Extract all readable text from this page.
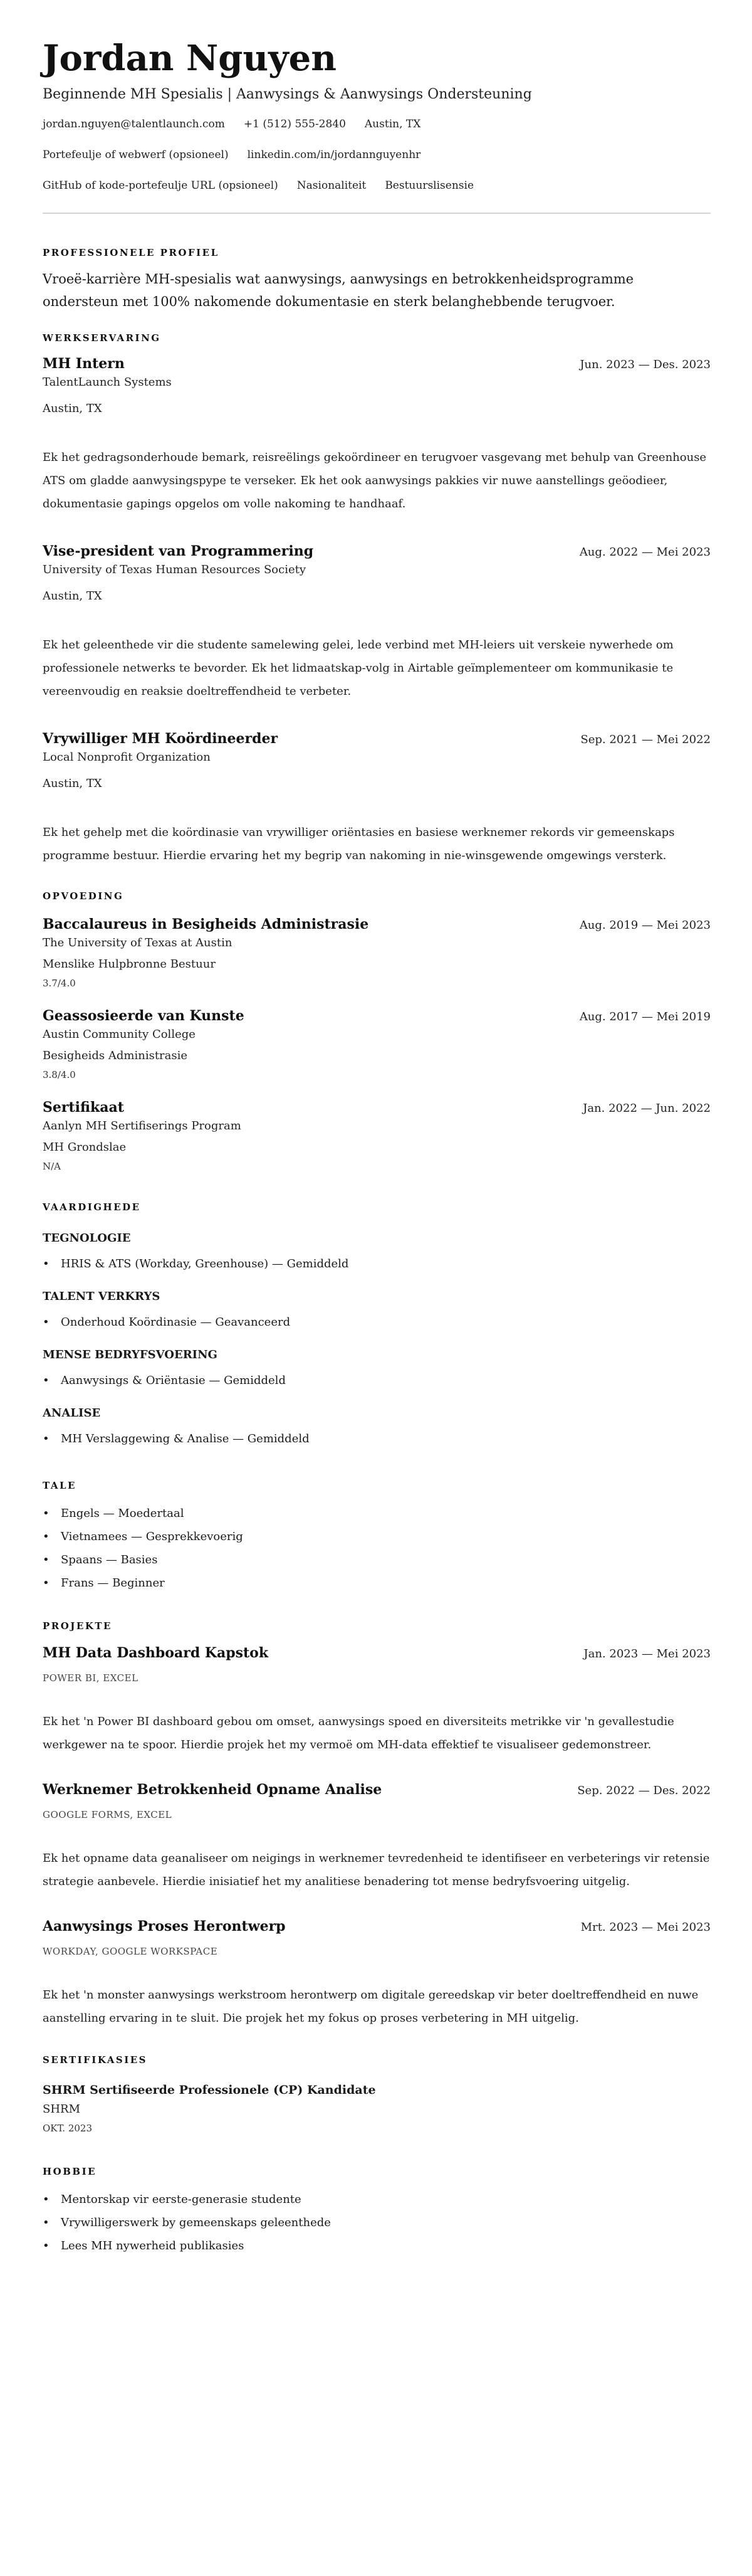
Jordan Nguyen
Beginnende MH Spesialis | Aanwysings & Aanwysings Ondersteuning
jordan.nguyen@talentlaunch.com +1 (512) 555-2840 Austin, TX
Portefeulje of webwerf (opsioneel) linkedin.com/in/jordannguyenhr
GitHub of kode-portefeulje URL (opsioneel) Nasionaliteit Bestuurslisensie
PROFESSIONELE PROFIEL

Vroeë-karrière MH-spesialis wat aanwysings, aanwysings en betrokkenheidsprogramme ondersteun met 100% nakomende dokumentasie en sterk belanghebbende terugvoer.

WERKSERVARING
MH Intern	Jun. 2023 — Des. 2023
TalentLaunch Systems
Austin, TX

Ek het gedragsonderhoude bemark, reisreëlings gekoördineer en terugvoer vasgevang met behulp van Greenhouse ATS om gladde aanwysingspype te verseker. Ek het ook aanwysings pakkies vir nuwe aanstellings geöodieer, dokumentasie gapings opgelos om volle nakoming te handhaaf.

Vise-president van Programmering	Aug. 2022 — Mei 2023
University of Texas Human Resources Society
Austin, TX

Ek het geleenthede vir die studente samelewing gelei, lede verbind met MH-leiers uit verskeie nywerhede om professionele netwerks te bevorder. Ek het lidmaatskap-volg in Airtable geïmplementeer om kommunikasie te vereenvoudig en reaksie doeltreffendheid te verbeter.

Vrywilliger MH Koördineerder	Sep. 2021 — Mei 2022
Local Nonprofit Organization
Austin, TX

Ek het gehelp met die koördinasie van vrywilliger oriëntasies en basiese werknemer rekords vir gemeenskaps programme bestuur. Hierdie ervaring het my begrip van nakoming in nie-winsgewende omgewings versterk.

OPVOEDING
Baccalaureus in Besigheids Administrasie	Aug. 2019 — Mei 2023
The University of Texas at Austin
Menslike Hulpbronne Bestuur
3.7/4.0
Geassosieerde van Kunste	Aug. 2017 — Mei 2019
Austin Community College
Besigheids Administrasie
3.8/4.0
Sertifikaat	Jan. 2022 — Jun. 2022
Aanlyn MH Sertifiserings Program
MH Grondslae
N/A
VAARDIGHEDE
TEGNOLOGIE
• HRIS & ATS (Workday, Greenhouse) — Gemiddeld
TALENT VERKRYS
• Onderhoud Koördinasie — Geavanceerd
MENSE BEDRYFSVOERING
• Aanwysings & Oriëntasie — Gemiddeld
ANALISE
• MH Verslaggewing & Analise — Gemiddeld
TALE
• Engels — Moedertaal
• Vietnamees — Gesprekkevoerig
• Spaans — Basies
• Frans — Beginner
PROJEKTE
MH Data Dashboard Kapstok	Jan. 2023 — Mei 2023
POWER BI, EXCEL

Ek het 'n Power BI dashboard gebou om omset, aanwysings spoed en diversiteits metrikke vir 'n gevallestudie werkgewer na te spoor. Hierdie projek het my vermoë om MH-data effektief te visualiseer gedemonstreer.

Werknemer Betrokkenheid Opname Analise	Sep. 2022 — Des. 2022
GOOGLE FORMS, EXCEL

Ek het opname data geanaliseer om neigings in werknemer tevredenheid te identifiseer en verbeterings vir retensie strategie aanbevele. Hierdie inisiatief het my analitiese benadering tot mense bedryfsvoering uitgelig.

Aanwysings Proses Herontwerp	Mrt. 2023 — Mei 2023
WORKDAY, GOOGLE WORKSPACE

Ek het 'n monster aanwysings werkstroom herontwerp om digitale gereedskap vir beter doeltreffendheid en nuwe aanstelling ervaring in te sluit. Die projek het my fokus op proses verbetering in MH uitgelig.

SERTIFIKASIES
SHRM Sertifiseerde Professionele (CP) Kandidate
SHRM
OKT. 2023
HOBBIE
• Mentorskap vir eerste-generasie studente
• Vrywilligerswerk by gemeenskaps geleenthede
• Lees MH nywerheid publikasies
